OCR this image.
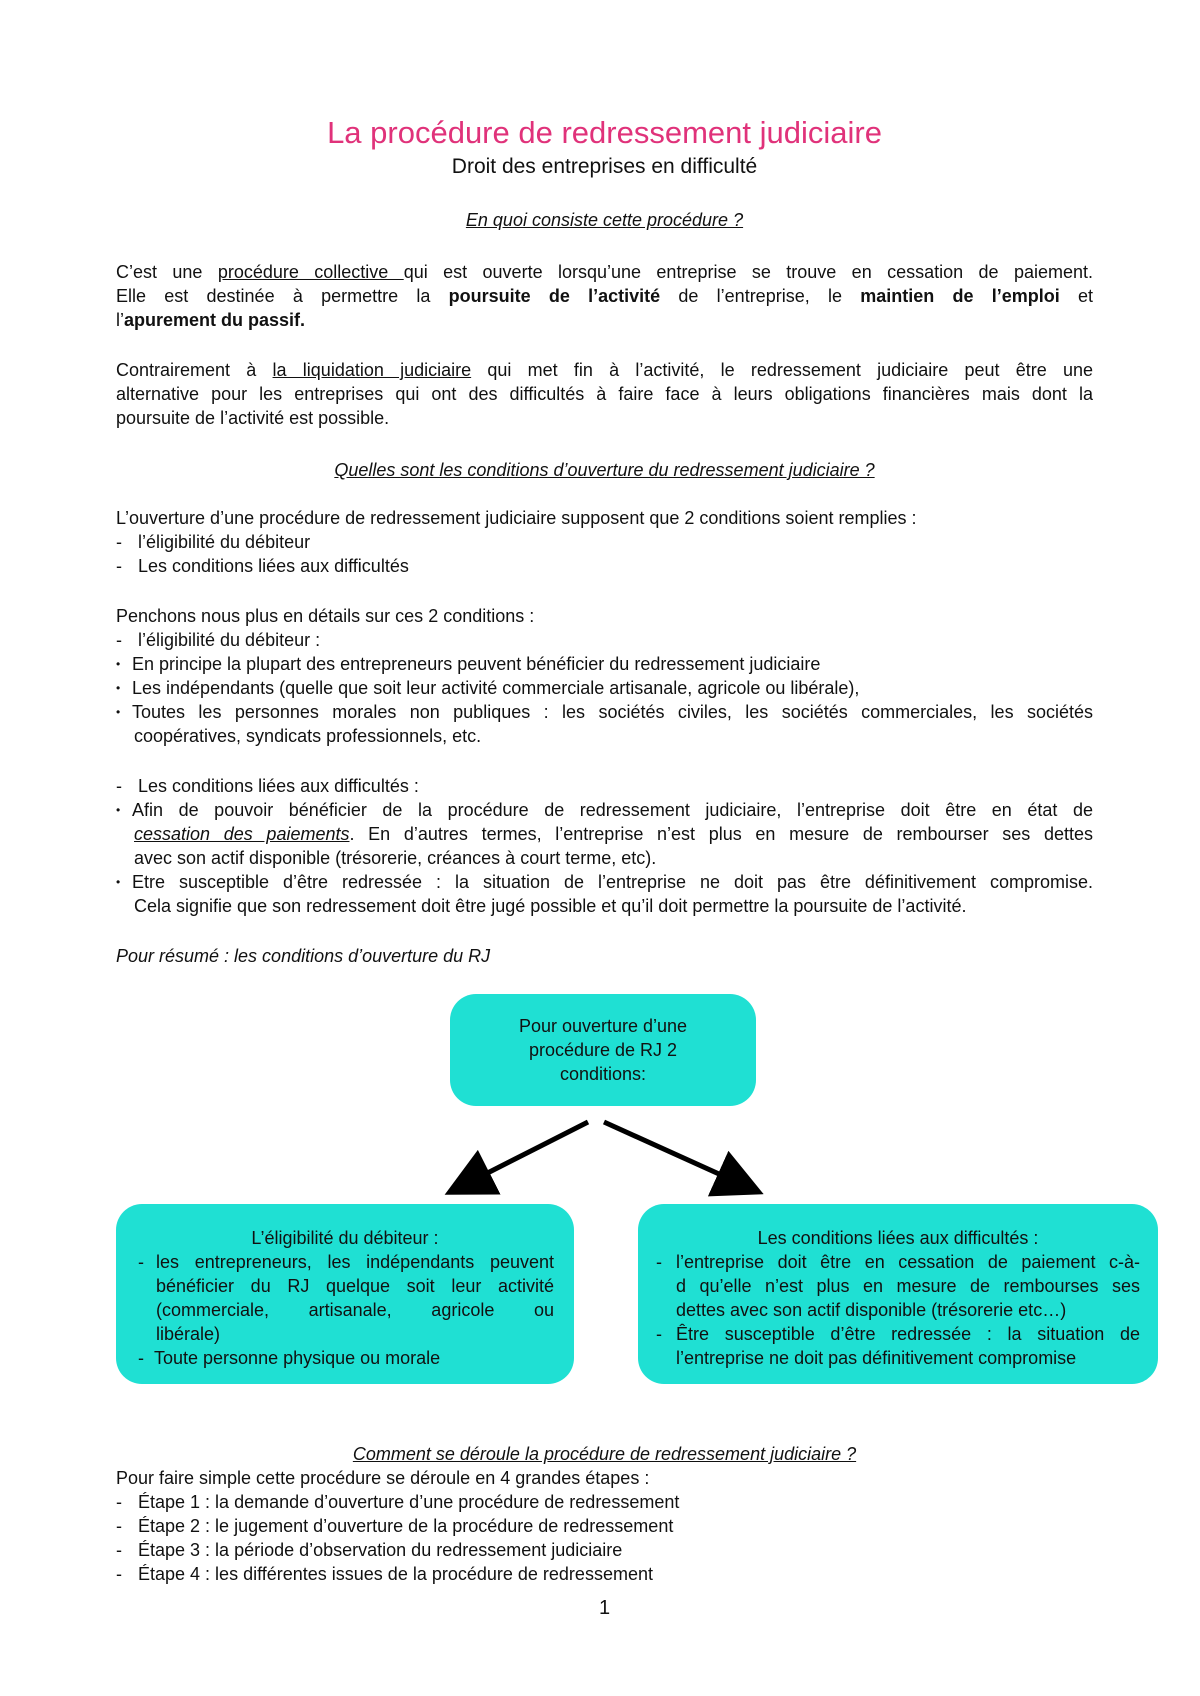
La procédure de redressement judiciaire
Droit des entreprises en difficulté
En quoi consiste cette procédure ?
C’est une procédure collective qui est ouverte lorsqu’une entreprise se trouve en cessation de paiement.
Elle est destinée à permettre la poursuite de l’activité de l’entreprise, le maintien de l’emploi et
l’apurement du passif.
Contrairement à la liquidation judiciaire qui met fin à l’activité, le redressement judiciaire peut être une
alternative pour les entreprises qui ont des difficultés à faire face à leurs obligations financières mais dont la
poursuite de l’activité est possible.
Quelles sont les conditions d’ouverture du redressement judiciaire ?
L’ouverture d’une procédure de redressement judiciaire supposent que 2 conditions soient remplies :
- l’éligibilité du débiteur
- Les conditions liées aux difficultés
Penchons nous plus en détails sur ces 2 conditions :
- l’éligibilité du débiteur :
• En principe la plupart des entrepreneurs peuvent bénéficier du redressement judiciaire
• Les indépendants (quelle que soit leur activité commerciale artisanale, agricole ou libérale),
• Toutes les personnes morales non publiques : les sociétés civiles, les sociétés commerciales, les sociétés
coopératives, syndicats professionnels, etc.
- Les conditions liées aux difficultés :
• Afin de pouvoir bénéficier de la procédure de redressement judiciaire, l’entreprise doit être en état de
cessation des paiements. En d’autres termes, l’entreprise n’est plus en mesure de rembourser ses dettes
avec son actif disponible (trésorerie, créances à court terme, etc).
• Etre susceptible d’être redressée : la situation de l’entreprise ne doit pas être définitivement compromise.
Cela signifie que son redressement doit être jugé possible et qu’il doit permettre la poursuite de l’activité.
Pour résumé : les conditions d’ouverture du RJ
Pour ouverture d’une
procédure de RJ 2
conditions:
L’éligibilité du débiteur :
- les entrepreneurs, les indépendants peuvent
bénéficier du RJ quelque soit leur activité
(commerciale, artisanale, agricole ou
libérale)
- Toute personne physique ou morale
Les conditions liées aux difficultés :
- l’entreprise doit être en cessation de paiement c-à-
d qu’elle n’est plus en mesure de rembourses ses
dettes avec son actif disponible (trésorerie etc…)
- Être susceptible d’être redressée : la situation de
l’entreprise ne doit pas définitivement compromise
Comment se déroule la procédure de redressement judiciaire ?
Pour faire simple cette procédure se déroule en 4 grandes étapes :
- Étape 1 : la demande d’ouverture d’une procédure de redressement
- Étape 2 : le jugement d’ouverture de la procédure de redressement
- Étape 3 : la période d’observation du redressement judiciaire
- Étape 4 : les différentes issues de la procédure de redressement
1
